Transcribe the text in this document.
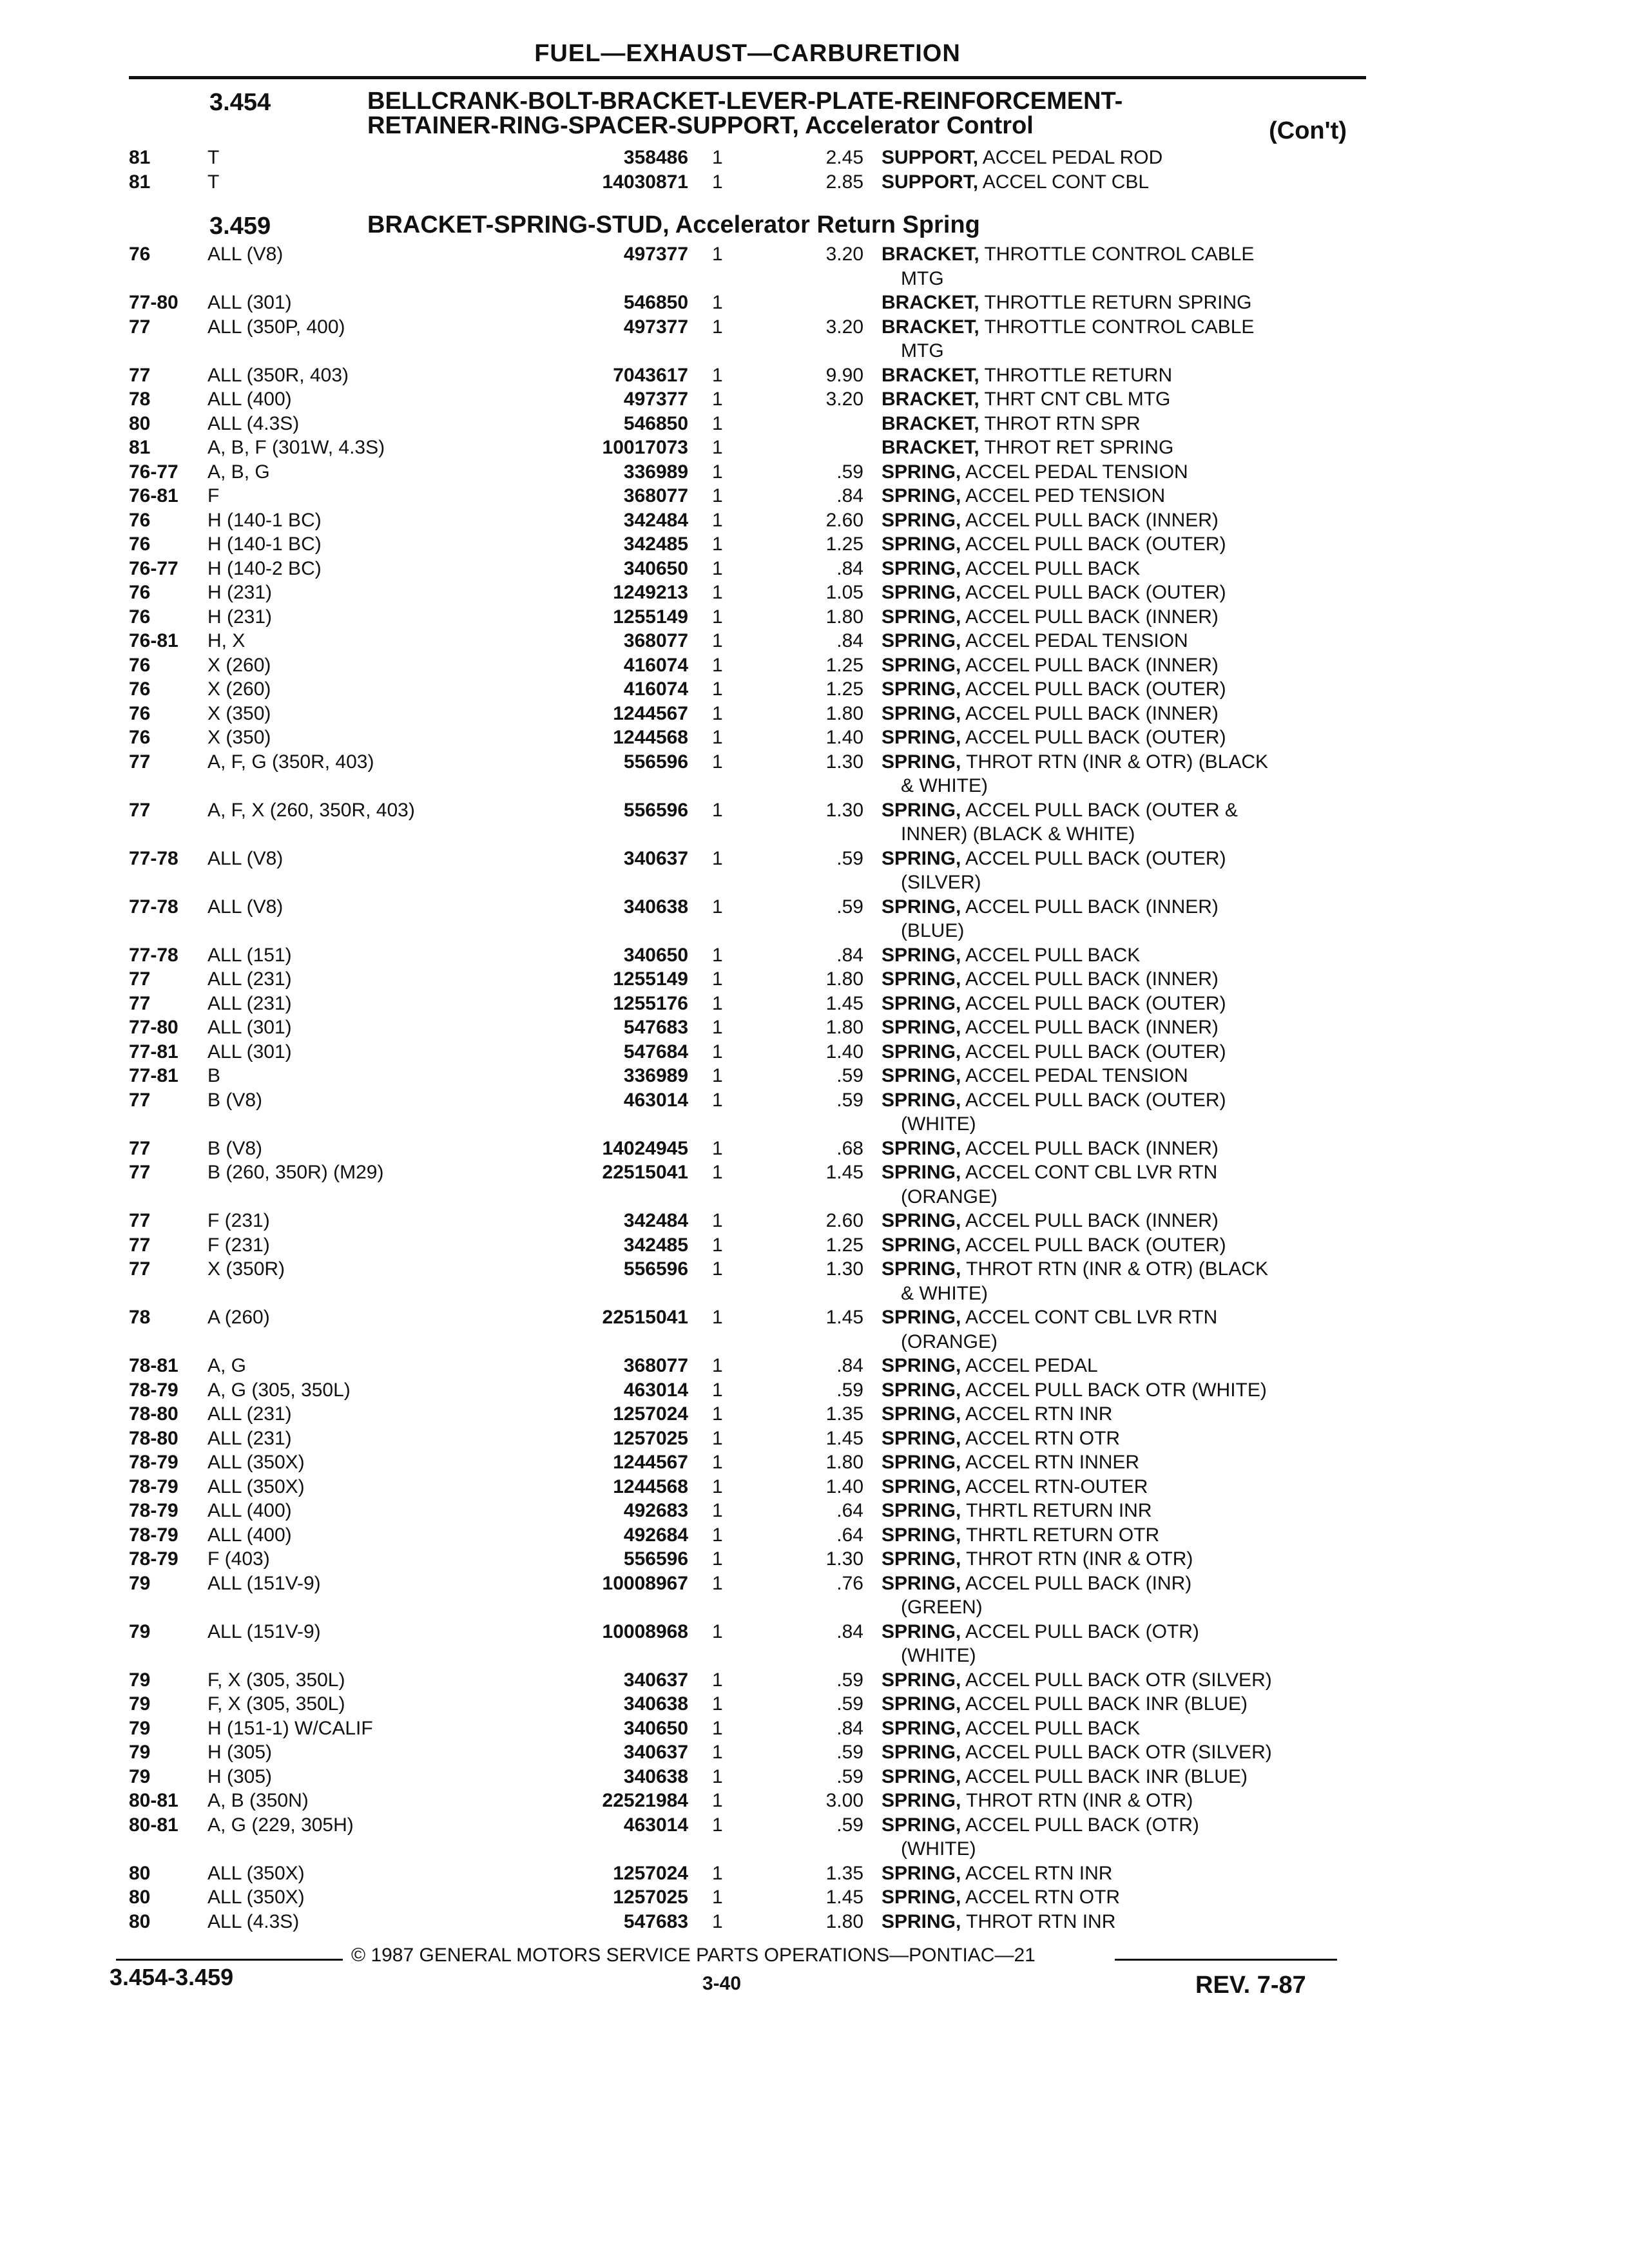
FUEL—EXHAUST—CARBURETION
3.454	BELLCRANK-BOLT-BRACKET-LEVER-PLATE-REINFORCEMENT-
RETAINER-RING-SPACER-SUPPORT, Accelerator Control	(Con't)
81	T	358486 1	2.45 SUPPORT, ACCEL PEDAL ROD
81	T	14030871 1	2.85 SUPPORT, ACCEL CONT CBL
3.459	BRACKET-SPRING-STUD, Accelerator Return Spring
76	ALL (V8)	497377 1	3.20 BRACKET, THROTTLE CONTROL CABLE
MTG
77-80 ALL (301)	546850 1	BRACKET, THROTTLE RETURN SPRING
77	ALL (350P, 400)	497377 1	3.20 BRACKET, THROTTLE CONTROL CABLE
MTG
77	ALL (350R, 403)	7043617 1	9.90 BRACKET, THROTTLE RETURN
78	ALL (400)	497377 1	3.20 BRACKET, THRT CNT CBL MTG
80	ALL (4.3S)	546850 1	BRACKET, THROT RTN SPR
81	A, B, F (301W, 4.3S)	10017073 1	BRACKET, THROT RET SPRING
76-77 A, B, G	336989 1	.59 SPRING, ACCEL PEDAL TENSION
76-81 F	368077 1	.84 SPRING, ACCEL PED TENSION
76	H (140-1 BC)	342484 1	2.60 SPRING, ACCEL PULL BACK (INNER)
76	H (140-1 BC)	342485 1	1.25 SPRING, ACCEL PULL BACK (OUTER)
76-77 H (140-2 BC)	340650 1	.84 SPRING, ACCEL PULL BACK
76	H (231)	1249213 1	1.05 SPRING, ACCEL PULL BACK (OUTER)
76	H (231)	1255149 1	1.80 SPRING, ACCEL PULL BACK (INNER)
76-81 H, X	368077 1	.84 SPRING, ACCEL PEDAL TENSION
76	X (260)	416074 1	1.25 SPRING, ACCEL PULL BACK (INNER)
76	X (260)	416074 1	1.25 SPRING, ACCEL PULL BACK (OUTER)
76	X (350)	1244567 1	1.80 SPRING, ACCEL PULL BACK (INNER)
76	X (350)	1244568 1	1.40 SPRING, ACCEL PULL BACK (OUTER)
77	A, F, G (350R, 403)	556596 1	1.30 SPRING, THROT RTN (INR & OTR) (BLACK
& WHITE)
77	A, F, X (260, 350R, 403)	556596 1	1.30 SPRING, ACCEL PULL BACK (OUTER &
INNER) (BLACK & WHITE)
77-78 ALL (V8)	340637 1	.59 SPRING, ACCEL PULL BACK (OUTER)
(SILVER)
77-78 ALL (V8)	340638 1	.59 SPRING, ACCEL PULL BACK (INNER)
(BLUE)
77-78 ALL (151)	340650 1	.84 SPRING, ACCEL PULL BACK
77	ALL (231)	1255149 1	1.80 SPRING, ACCEL PULL BACK (INNER)
77	ALL (231)	1255176 1	1.45 SPRING, ACCEL PULL BACK (OUTER)
77-80 ALL (301)	547683 1	1.80 SPRING, ACCEL PULL BACK (INNER)
77-81 ALL (301)	547684 1	1.40 SPRING, ACCEL PULL BACK (OUTER)
77-81 B	336989 1	.59 SPRING, ACCEL PEDAL TENSION
77	B (V8)	463014 1	.59 SPRING, ACCEL PULL BACK (OUTER)
(WHITE)
77	B (V8)	14024945 1	.68 SPRING, ACCEL PULL BACK (INNER)
77	B (260, 350R) (M29)	22515041 1	1.45 SPRING, ACCEL CONT CBL LVR RTN
(ORANGE)
77	F (231)	342484 1	2.60 SPRING, ACCEL PULL BACK (INNER)
77	F (231)	342485 1	1.25 SPRING, ACCEL PULL BACK (OUTER)
77	X (350R)	556596 1	1.30 SPRING, THROT RTN (INR & OTR) (BLACK
& WHITE)
78	A (260)	22515041 1	1.45 SPRING, ACCEL CONT CBL LVR RTN
(ORANGE)
78-81 A, G	368077 1	.84 SPRING, ACCEL PEDAL
78-79 A, G (305, 350L)	463014 1	.59 SPRING, ACCEL PULL BACK OTR (WHITE)
78-80 ALL (231)	1257024 1	1.35 SPRING, ACCEL RTN INR
78-80 ALL (231)	1257025 1	1.45 SPRING, ACCEL RTN OTR
78-79 ALL (350X)	1244567 1	1.80 SPRING, ACCEL RTN INNER
78-79 ALL (350X)	1244568 1	1.40 SPRING, ACCEL RTN-OUTER
78-79 ALL (400)	492683 1	.64 SPRING, THRTL RETURN INR
78-79 ALL (400)	492684 1	.64 SPRING, THRTL RETURN OTR
78-79 F (403)	556596 1	1.30 SPRING, THROT RTN (INR & OTR)
79	ALL (151V-9)	10008967 1	.76 SPRING, ACCEL PULL BACK (INR)
(GREEN)
79	ALL (151V-9)	10008968 1	.84 SPRING, ACCEL PULL BACK (OTR)
(WHITE)
79	F, X (305, 350L)	340637 1	.59 SPRING, ACCEL PULL BACK OTR (SILVER)
79	F, X (305, 350L)	340638 1	.59 SPRING, ACCEL PULL BACK INR (BLUE)
79	H (151-1) W/CALIF	340650 1	.84 SPRING, ACCEL PULL BACK
79	H (305)	340637 1	.59 SPRING, ACCEL PULL BACK OTR (SILVER)
79	H (305)	340638 1	.59 SPRING, ACCEL PULL BACK INR (BLUE)
80-81 A, B (350N)	22521984 1	3.00 SPRING, THROT RTN (INR & OTR)
80-81 A, G (229, 305H)	463014 1	.59 SPRING, ACCEL PULL BACK (OTR)
(WHITE)
80	ALL (350X)	1257024 1	1.35 SPRING, ACCEL RTN INR
80	ALL (350X)	1257025 1	1.45 SPRING, ACCEL RTN OTR
80	ALL (4.3S)	547683 1	1.80 SPRING, THROT RTN INR
© 1987 GENERAL MOTORS SERVICE PARTS OPERATIONS—PONTIAC—21
3.454-3.459	3-40	REV. 7-87
